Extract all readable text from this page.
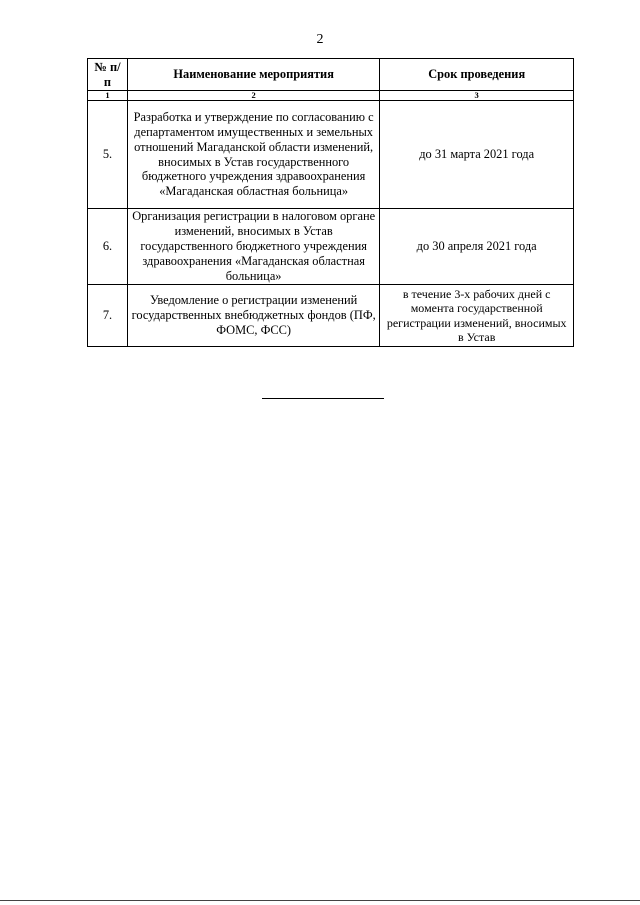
2
№ п/п	Наименование мероприятия	Срок проведения
1	2	3
5.	Разработка и утверждение по согласованию с департаментом имущественных и земельных отношений Магаданской области изменений, вносимых в Устав государственного бюджетного учреждения здравоохранения «Магаданская областная больница»	до 31 марта 2021 года
6.	Организация регистрации в налоговом органе изменений, вносимых в Устав государственного бюджетного учреждения здравоохранения «Магаданская областная больница»	до 30 апреля 2021 года
7.	Уведомление о регистрации изменений государственных внебюджетных фондов (ПФ, ФОМС, ФСС)	в течение 3-х рабочих дней с момента государственной регистрации изменений, вносимых в Устав
